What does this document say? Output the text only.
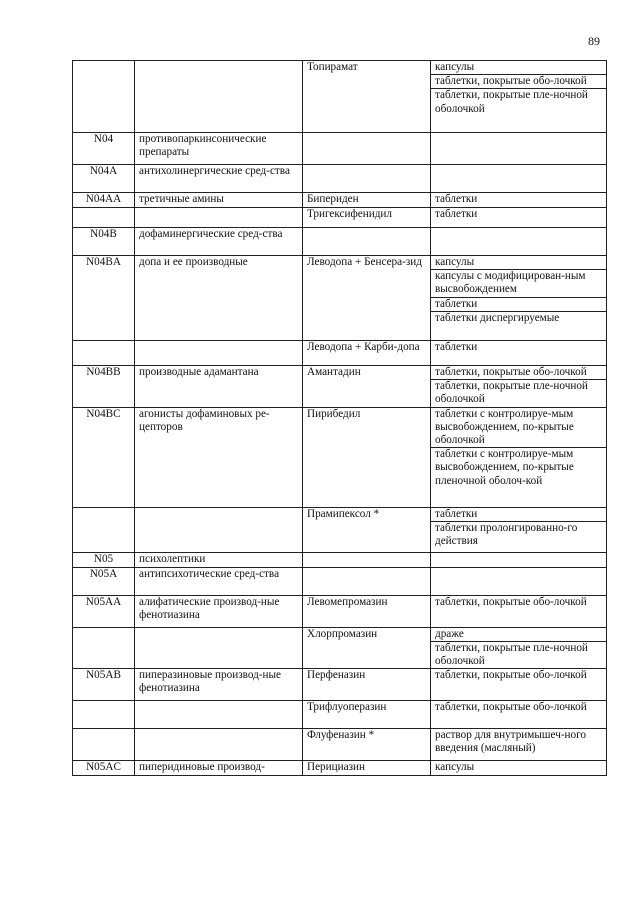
89
		Топирамат		капсулы
таблетки, покрытые обо-лочкой
таблетки, покрытые пле-ночной оболочкой

N04	противопаркинсонические препараты		

N04A	антихолинергические сред-ства		

N04AA	третичные амины	Бипериден		таблетки

		Тригексифенидил		таблетки

N04B	дофаминергические сред-ства		

N04BA	допа и ее производные	Леводопа + Бенсера-зид	капсулы
капсулы с модифицирован-ным высвобождением
таблетки
таблетки диспергируемые

		Леводопа + Карби-допа	таблетки

N04BB	производные адамантана	Амантадин		таблетки, покрытые обо-лочкой
таблетки, покрытые пле-ночной оболочкой

N04BC	агонисты дофаминовых ре-цепторов	Пирибедил		таблетки с контролируе-мым высвобождением, по-крытые оболочкой
таблетки с контролируе-мым высвобождением, по-крытые пленочной оболоч-кой

		Прамипексол *		таблетки
таблетки пролонгированно-го действия

N05	психолептики		

N05A	антипсихотические сред-ства		

N05AA	алифатические производ-ные фенотиазина	Левомепромазин		таблетки, покрытые обо-лочкой

		Хлорпромазин		драже
таблетки, покрытые пле-ночной оболочкой

N05AB	пиперазиновые производ-ные фенотиазина	Перфеназин		таблетки, покрытые обо-лочкой

		Трифлуоперазин		таблетки, покрытые обо-лочкой

		Флуфеназин *		раствор для внутримышеч-ного введения (масляный)

N05AC	пиперидиновые производ-	Перициазин		капсулы
